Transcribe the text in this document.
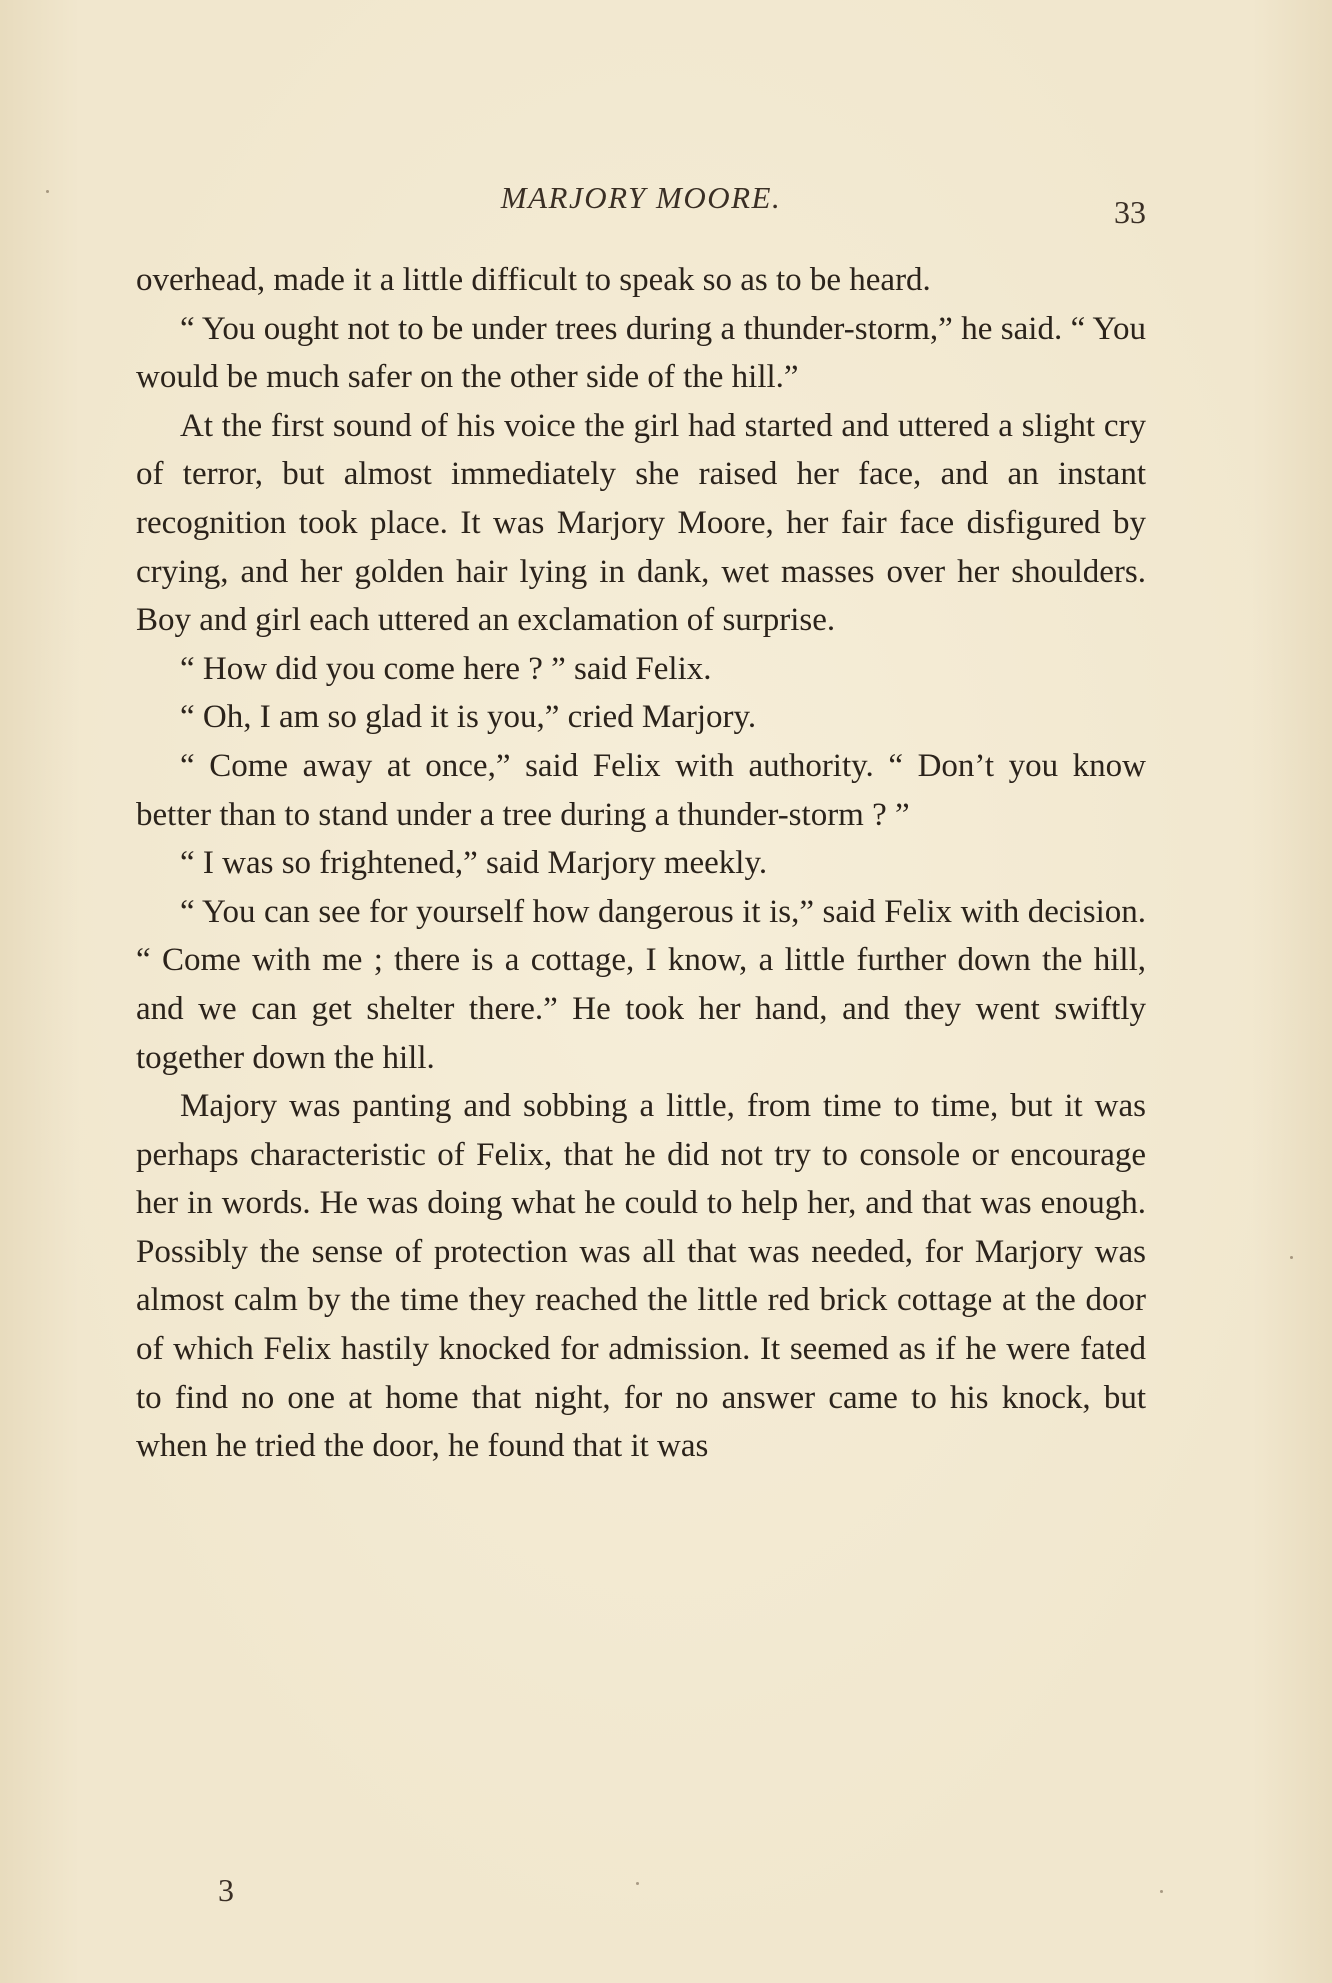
MARJORY MOORE.	33

overhead, made it a little difficult to speak so as to be heard.

“ You ought not to be under trees during a thunder-storm,” he said. “ You would be much safer on the other side of the hill.”

At the first sound of his voice the girl had started and uttered a slight cry of terror, but almost immediately she raised her face, and an instant recognition took place. It was Marjory Moore, her fair face disfigured by crying, and her golden hair lying in dank, wet masses over her shoulders. Boy and girl each uttered an exclamation of surprise.

“ How did you come here ? ” said Felix.

“ Oh, I am so glad it is you,” cried Marjory.

“ Come away at once,” said Felix with authority. “ Don’t you know better than to stand under a tree during a thunder-storm ? ”

“ I was so frightened,” said Marjory meekly.

“ You can see for yourself how dangerous it is,” said Felix with decision. “ Come with me ; there is a cottage, I know, a little further down the hill, and we can get shelter there.” He took her hand, and they went swiftly together down the hill.

Majory was panting and sobbing a little, from time to time, but it was perhaps characteristic of Felix, that he did not try to console or encourage her in words. He was doing what he could to help her, and that was enough. Possibly the sense of protection was all that was needed, for Marjory was almost calm by the time they reached the little red brick cottage at the door of which Felix hastily knocked for admission. It seemed as if he were fated to find no one at home that night, for no answer came to his knock, but when he tried the door, he found that it was

3
